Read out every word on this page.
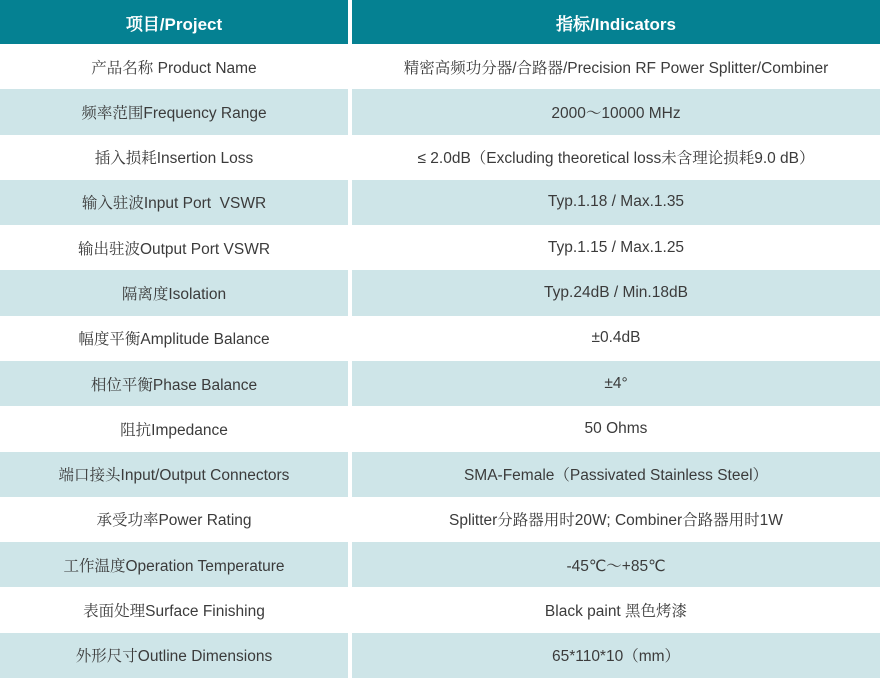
项目/Project	指标/Indicators
产品名称 Product Name	精密高频功分器/合路器/Precision RF Power Splitter/Combiner
频率范围Frequency Range	2000～10000 MHz
插入损耗Insertion Loss	≤ 2.0dB（Excluding theoretical loss未含理论损耗9.0 dB）
输入驻波Input Port  VSWR	Typ.1.18 / Max.1.35
输出驻波Output Port VSWR	Typ.1.15 / Max.1.25
隔离度Isolation	Typ.24dB / Min.18dB
幅度平衡Amplitude Balance	±0.4dB
相位平衡Phase Balance	±4°
阻抗Impedance	50 Ohms
端口接头Input/Output Connectors	SMA-Female（Passivated Stainless Steel）
承受功率Power Rating	Splitter分路器用时20W; Combiner合路器用时1W
工作温度Operation Temperature	-45℃～+85℃
表面处理Surface Finishing	Black paint 黑色烤漆
外形尺寸Outline Dimensions	65*110*10（mm）
